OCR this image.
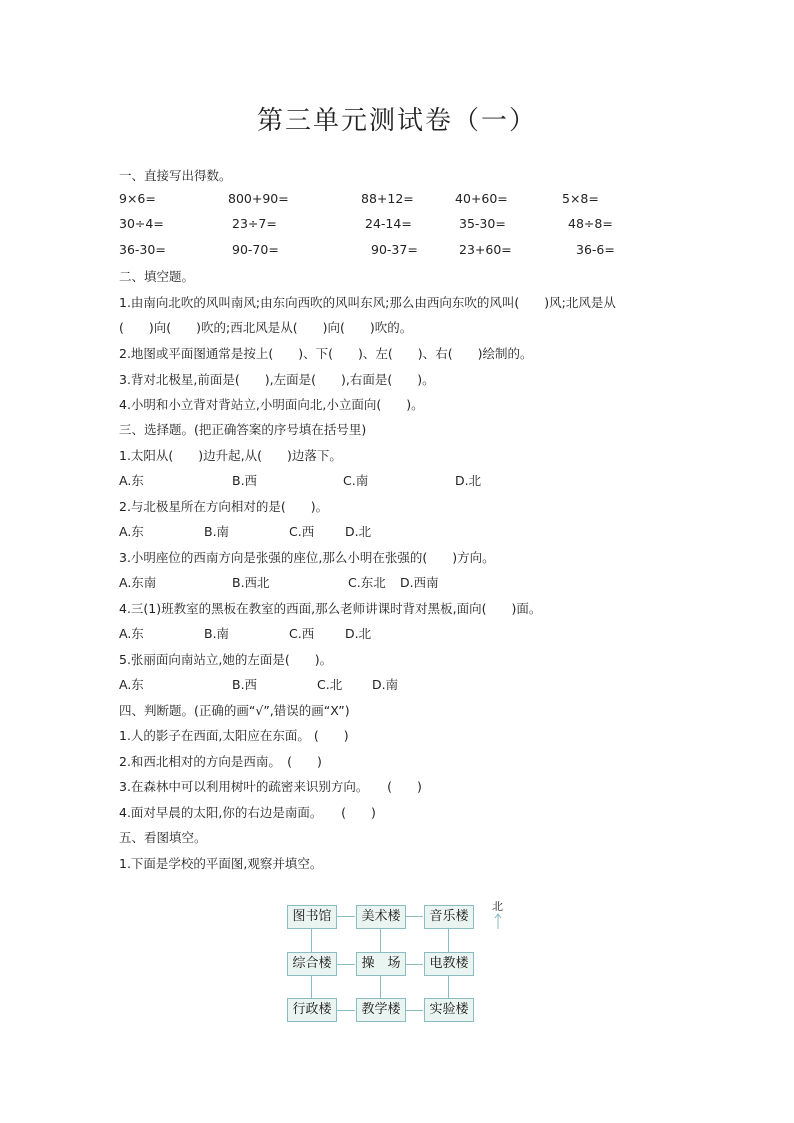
第三单元测试卷（一）
一、直接写出得数。
9×6=	800+90=	88+12=	40+60=	5×8=
30÷4=	23÷7=	24-14=	35-30=	48÷8=
36-30=	90-70=	90-37=	23+60=	36-6=
二、填空题。
1.由南向北吹的风叫南风;由东向西吹的风叫东风;那么由西向东吹的风叫(　　)风;北风是从
(　　)向(　　)吹的;西北风是从(　　)向(　　)吹的。
2.地图或平面图通常是按上(　　)、下(　　)、左(　　)、右(　　)绘制的。
3.背对北极星,前面是(　　),左面是(　　),右面是(　　)。
4.小明和小立背对背站立,小明面向北,小立面向(　　)。
三、选择题。(把正确答案的序号填在括号里)
1.太阳从(　　)边升起,从(　　)边落下。
A.东	B.西	C.南	D.北
2.与北极星所在方向相对的是(　　)。
A.东	B.南	C.西 D.北
3.小明座位的西南方向是张强的座位,那么小明在张强的(　　)方向。
A.东南	B.西北	C.东北 D.西南
4.三(1)班教室的黑板在教室的西面,那么老师讲课时背对黑板,面向(　　)面。
A.东	B.南	C.西 D.北
5.张丽面向南站立,她的左面是(　　)。
A.东	B.西	C.北 D.南
四、判断题。(正确的画“√”,错误的画“X”)
1.人的影子在西面,太阳应在东面。 (　　)
2.和西北相对的方向是西南。　(　　)
3.在森林中可以利用树叶的疏密来识别方向。　　(　　)
4.面对早晨的太阳,你的右边是南面。　　(　　)
五、看图填空。
1.下面是学校的平面图,观察并填空。
图书馆	美术楼	音乐楼
综合楼	操　场	电教楼
行政楼	教学楼	实验楼
北
